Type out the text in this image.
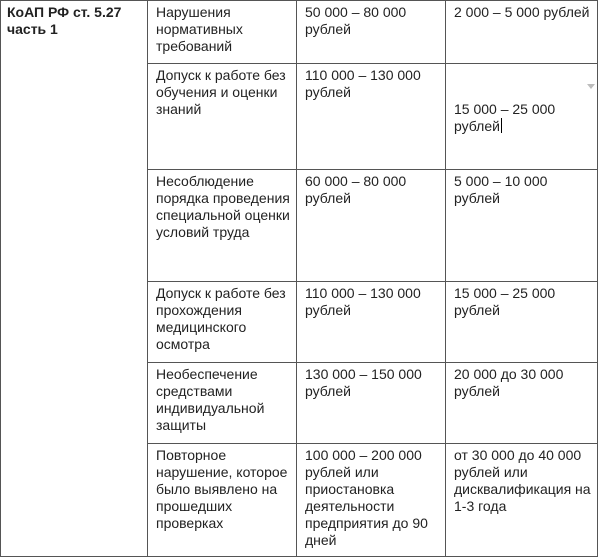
КоАП РФ ст. 5.27 часть 1	Нарушения нормативных требований	50 000 – 80 000 рублей	2 000 – 5 000 рублей
	Допуск к работе без обучения и оценки знаний	110 000 – 130 000 рублей	15 000 – 25 000 рублей

	Несоблюдение порядка проведения специальной оценки условий труда	60 000 – 80 000 рублей	5 000 – 10 000 рублей
	Допуск к работе без прохождения медицинского осмотра	110 000 – 130 000 рублей	15 000 – 25 000 рублей
	Необеспечение средствами индивидуальной защиты	130 000 – 150 000 рублей	20 000 до 30 000 рублей
	Повторное нарушение, которое было выявлено на прошедших проверках	100 000 – 200 000 рублей или приостановка деятельности предприятия до 90 дней	от 30 000 до 40 000 рублей или дисквалификация на 1-3 года
